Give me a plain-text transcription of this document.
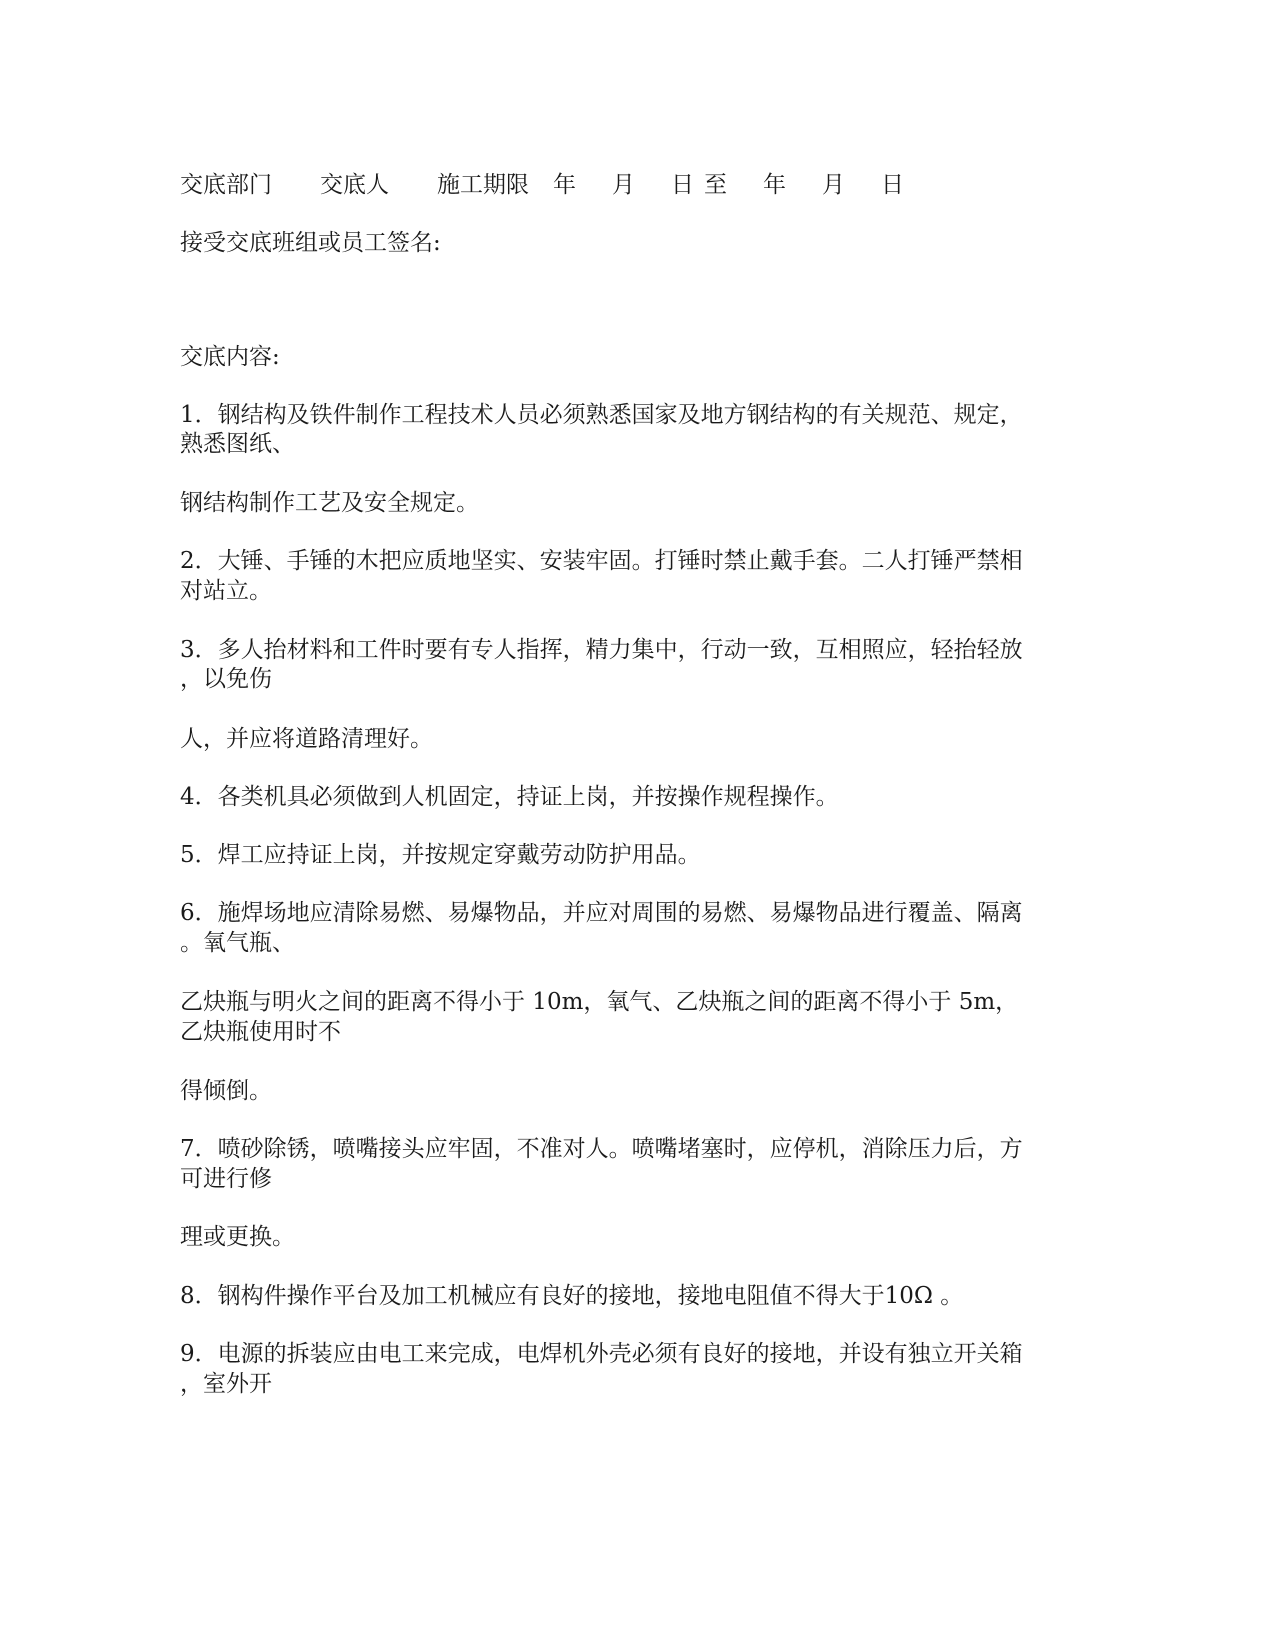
交底部门 交底人 施工期限 年 月 日 至 年 月 日
接受交底班组或员工签名:
交底内容:
1．钢结构及铁件制作工程技术人员必须熟悉国家及地方钢结构的有关规范、规定，
熟悉图纸、
钢结构制作工艺及安全规定。
2．大锤、手锤的木把应质地坚实、安装牢固。打锤时禁止戴手套。二人打锤严禁相
对站立。
3．多人抬材料和工件时要有专人指挥，精力集中，行动一致，互相照应，轻抬轻放
，以免伤
人，并应将道路清理好。
4．各类机具必须做到人机固定，持证上岗，并按操作规程操作。
5．焊工应持证上岗，并按规定穿戴劳动防护用品。
6．施焊场地应清除易燃、易爆物品，并应对周围的易燃、易爆物品进行覆盖、隔离
。氧气瓶、
乙炔瓶与明火之间的距离不得小于 10m，氧气、乙炔瓶之间的距离不得小于 5m，
乙炔瓶使用时不
得倾倒。
7．喷砂除锈，喷嘴接头应牢固，不准对人。喷嘴堵塞时，应停机，消除压力后，方
可进行修
理或更换。
8．钢构件操作平台及加工机械应有良好的接地，接地电阻值不得大于10Ω 。
9．电源的拆装应由电工来完成，电焊机外壳必须有良好的接地，并设有独立开关箱
，室外开
